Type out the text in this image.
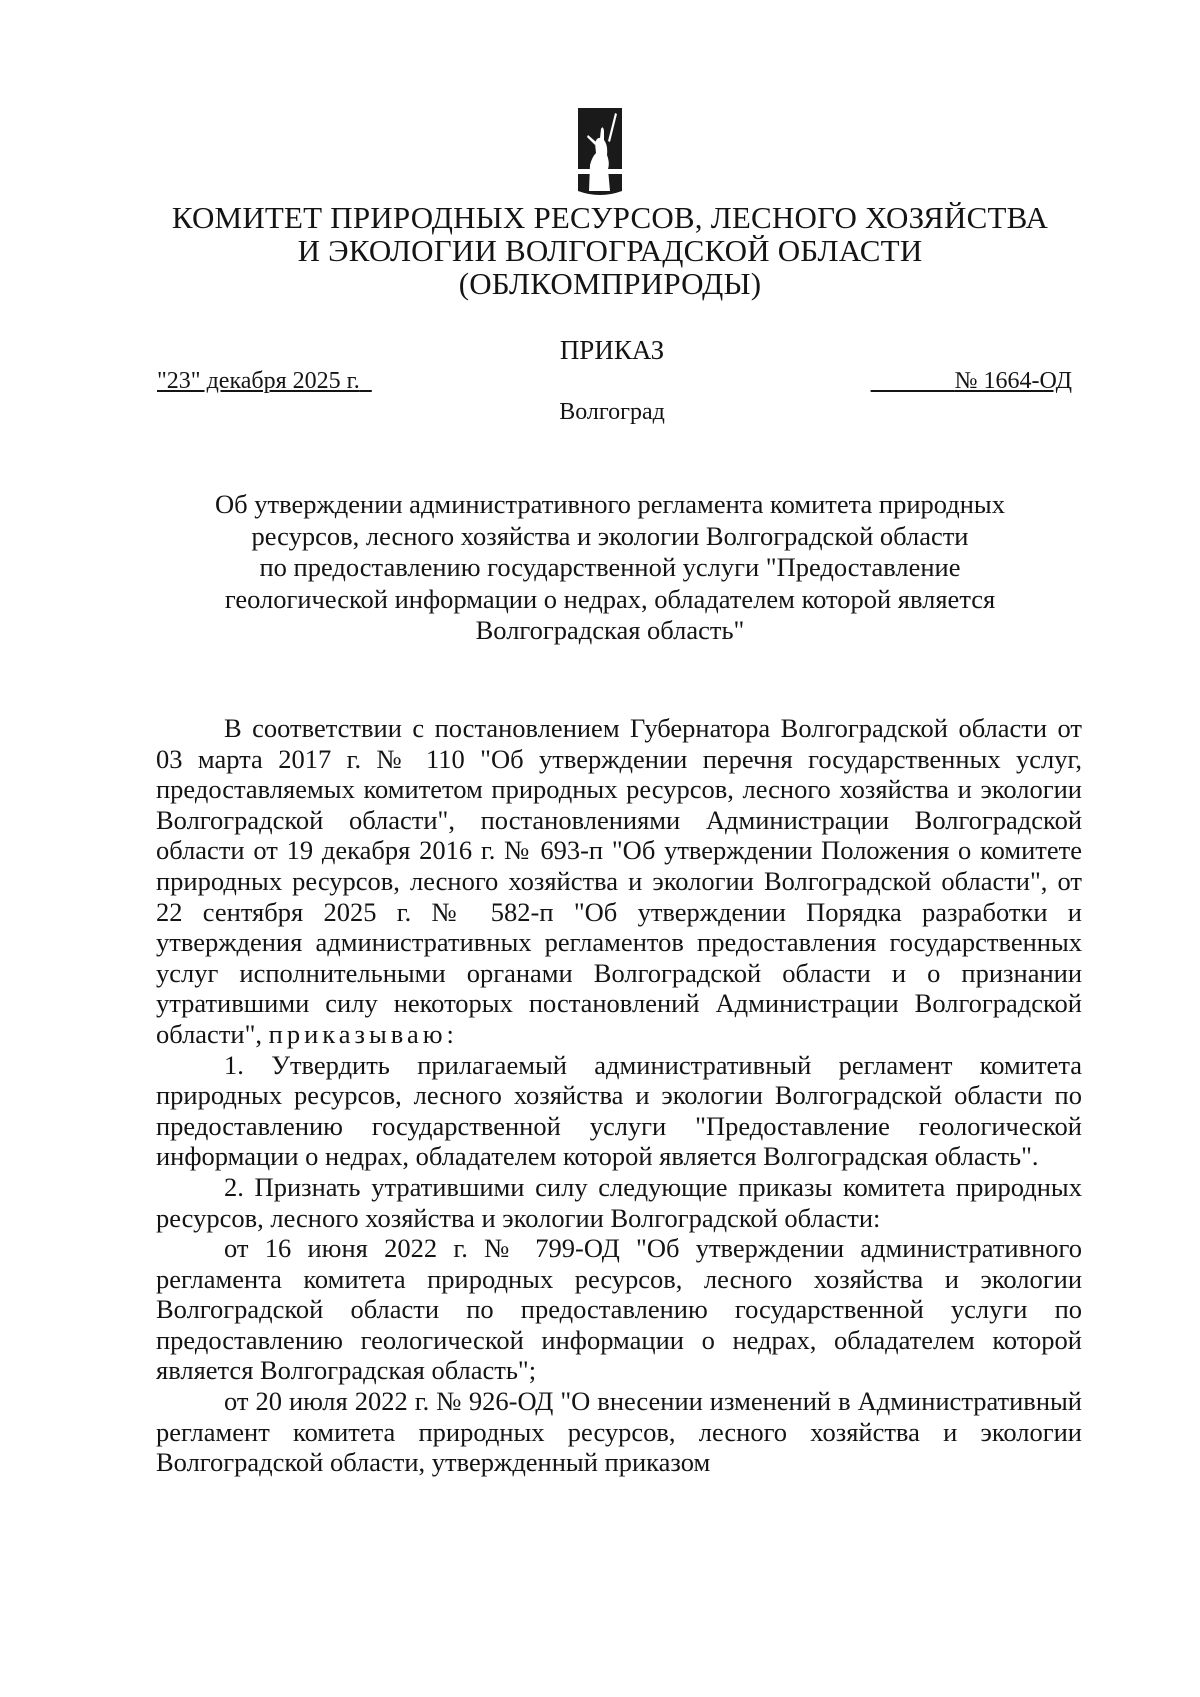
КОМИТЕТ ПРИРОДНЫХ РЕСУРСОВ, ЛЕСНОГО ХОЗЯЙСТВА
И ЭКОЛОГИИ ВОЛГОГРАДСКОЙ ОБЛАСТИ
(ОБЛКОМПРИРОДЫ)
ПРИКАЗ
"23" декабря 2025 г.	№ 1664-ОД
Волгоград
Об утверждении административного регламента комитета природных
ресурсов, лесного хозяйства и экологии Волгоградской области
по предоставлению государственной услуги "Предоставление
геологической информации о недрах, обладателем которой является
Волгоградская область"

В соответствии с постановлением Губернатора Волгоградской области от 03 марта 2017 г. № 110 "Об утверждении перечня государственных услуг, предоставляемых комитетом природных ресурсов, лесного хозяйства и экологии Волгоградской области", постановлениями Администрации Волгоградской области от 19 декабря 2016 г. № 693-п "Об утверждении Положения о комитете природных ресурсов, лесного хозяйства и экологии Волгоградской области", от 22 сентября 2025 г. № 582-п "Об утверждении Порядка разработки и утверждения административных регламентов предоставления государственных услуг исполнительными органами Волгоградской области и о признании утратившими силу некоторых постановлений Администрации Волгоградской области", приказываю:

1. Утвердить прилагаемый административный регламент комитета природных ресурсов, лесного хозяйства и экологии Волгоградской области по предоставлению государственной услуги "Предоставление геологической информации о недрах, обладателем которой является Волгоградская область".

2. Признать утратившими силу следующие приказы комитета природных ресурсов, лесного хозяйства и экологии Волгоградской области:

от 16 июня 2022 г. № 799-ОД "Об утверждении административного регламента комитета природных ресурсов, лесного хозяйства и экологии Волгоградской области по предоставлению государственной услуги по предоставлению геологической информации о недрах, обладателем которой является Волгоградская область";

от 20 июля 2022 г. № 926-ОД "О внесении изменений в Административный регламент комитета природных ресурсов, лесного хозяйства и экологии Волгоградской области, утвержденный приказом
